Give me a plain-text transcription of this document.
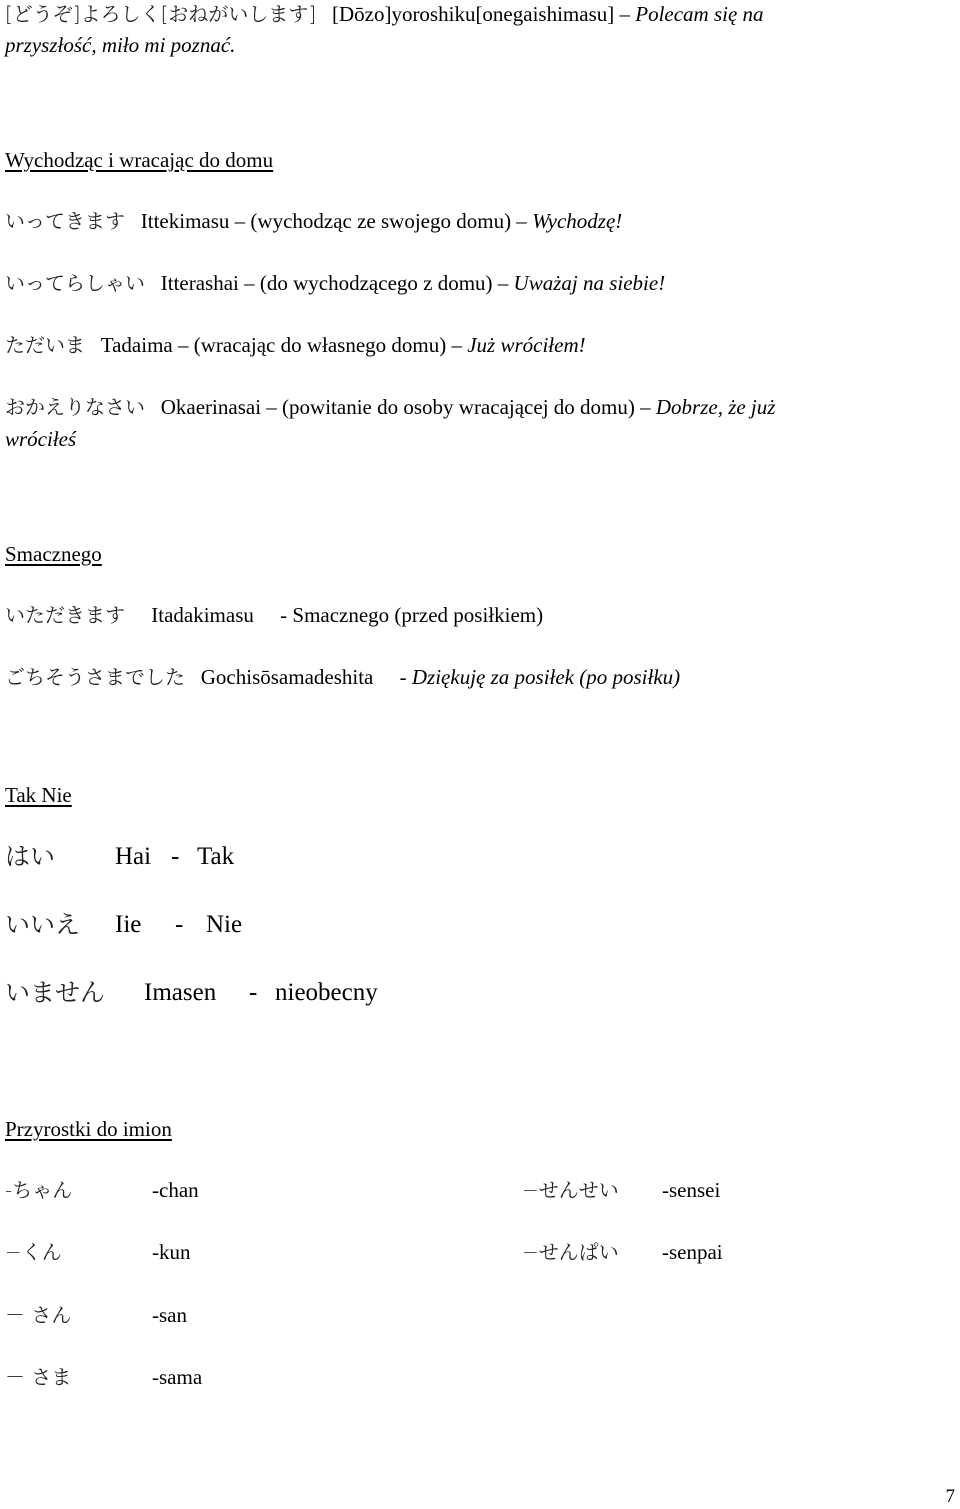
[どうぞ]よろしく[おねがいします] [Dōzo]yoroshiku[onegaishimasu] – Polecam się na
przyszłość, miło mi poznać.
Wychodząc i wracając do domu
いってきます Ittekimasu – (wychodząc ze swojego domu) – Wychodzę!
いってらしゃい Itterashai – (do wychodzącego z domu) – Uważaj na siebie!
ただいま Tadaima – (wracając do własnego domu) – Już wróciłem!
おかえりなさい Okaerinasai – (powitanie do osoby wracającej do domu) – Dobrze, że już
wróciłeś
Smacznego
いただきます Itadakimasu - Smacznego (przed posiłkiem)
ごちそうさまでした Gochisōsamadeshita - Dziękuję za posiłek (po posiłku)
Tak Nie
はい Hai - Tak
いいえ Iie - Nie
いません Imasen - nieobecny
Przyrostki do imion
-ちゃん	-chan	−せんせい -sensei
−くん	-kun	−せんぱい -senpai
－ さん	-san
－ さま	-sama
7
